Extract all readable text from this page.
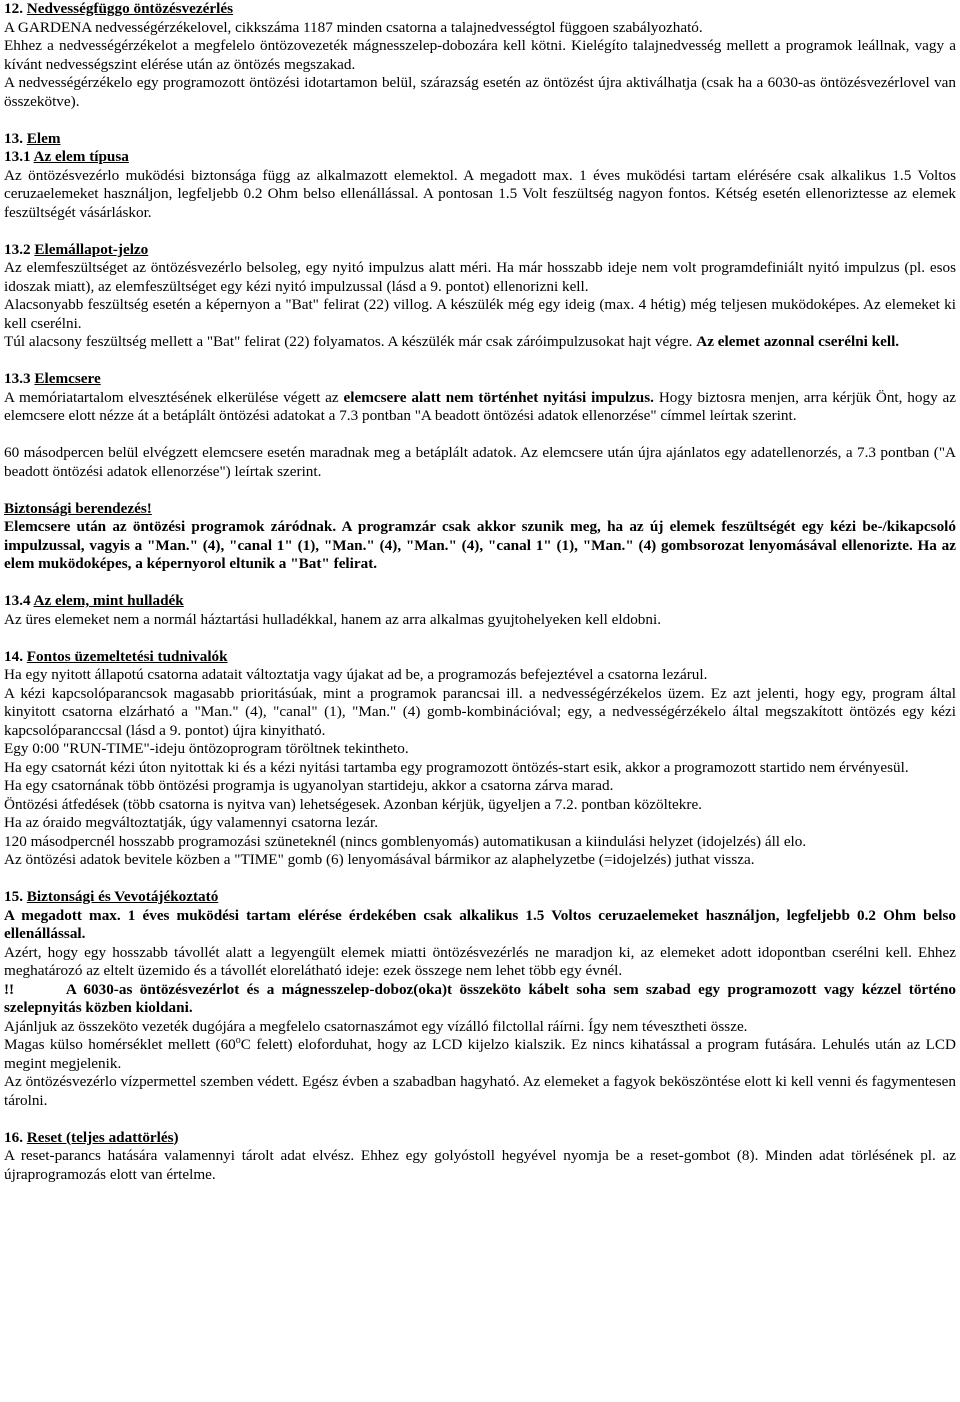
12. Nedvességfüggo öntözésvezérlés

A GARDENA nedvességérzékelovel, cikkszáma 1187 minden csatorna a talajnedvességtol függoen szabályozható.

Ehhez a nedvességérzékelot a megfelelo öntözovezeték mágnesszelep-dobozára kell kötni. Kielégíto talajnedvesség mellett a programok leállnak, vagy a kívánt nedvességszint elérése után az öntözés megszakad.

A nedvességérzékelo egy programozott öntözési idotartamon belül, szárazság esetén az öntözést újra aktiválhatja (csak ha a 6030-as öntözésvezérlovel van összekötve).

13. Elem

13.1 Az elem típusa

Az öntözésvezérlo muködési biztonsága függ az alkalmazott elemektol. A megadott max. 1 éves muködési tartam elérésére csak alkalikus 1.5 Voltos ceruzaelemeket használjon, legfeljebb 0.2 Ohm belso ellenállással. A pontosan 1.5 Volt feszültség nagyon fontos. Kétség esetén ellenoriztesse az elemek feszültségét vásárláskor.

13.2 Elemállapot-jelzo

Az elemfeszültséget az öntözésvezérlo belsoleg, egy nyitó impulzus alatt méri. Ha már hosszabb ideje nem volt programdefiniált nyitó impulzus (pl. esos idoszak miatt), az elemfeszültséget egy kézi nyitó impulzussal (lásd a 9. pontot) ellenorizni kell.

Alacsonyabb feszültség esetén a képernyon a "Bat" felirat (22) villog. A készülék még egy ideig (max. 4 hétig) még teljesen muködoképes. Az elemeket ki kell cserélni.

Túl alacsony feszültség mellett a "Bat" felirat (22) folyamatos. A készülék már csak záróimpulzusokat hajt végre. Az elemet azonnal cserélni kell.

13.3 Elemcsere

A memóriatartalom elvesztésének elkerülése végett az elemcsere alatt nem történhet nyitási impulzus. Hogy biztosra menjen, arra kérjük Önt, hogy az elemcsere elott nézze át a betáplált öntözési adatokat a 7.3 pontban "A beadott öntözési adatok ellenorzése" címmel leírtak szerint.

60 másodpercen belül elvégzett elemcsere esetén maradnak meg a betáplált adatok. Az elemcsere után újra ajánlatos egy adatellenorzés, a 7.3 pontban ("A beadott öntözési adatok ellenorzése") leírtak szerint.

Biztonsági berendezés!

Elemcsere után az öntözési programok záródnak. A programzár csak akkor szunik meg, ha az új elemek feszültségét egy kézi be-/kikapcsoló impulzussal, vagyis a "Man." (4), "canal 1" (1), "Man." (4), "Man." (4), "canal 1" (1), "Man." (4) gombsorozat lenyomásával ellenorizte. Ha az elem muködoképes, a képernyorol eltunik a "Bat" felirat.

13.4 Az elem, mint hulladék

Az üres elemeket nem a normál háztartási hulladékkal, hanem az arra alkalmas gyujtohelyeken kell eldobni.

14. Fontos üzemeltetési tudnivalók

Ha egy nyitott állapotú csatorna adatait változtatja vagy újakat ad be, a programozás befejeztével a csatorna lezárul.

A kézi kapcsolóparancsok magasabb prioritásúak, mint a programok parancsai ill. a nedvességérzékelos üzem. Ez azt jelenti, hogy egy, program által kinyitott csatorna elzárható a "Man." (4), "canal" (1), "Man." (4) gomb-kombinációval; egy, a nedvességérzékelo által megszakított öntözés egy kézi kapcsolóparanccsal (lásd a 9. pontot) újra kinyitható.

Egy 0:00 "RUN-TIME"-ideju öntözoprogram töröltnek tekintheto.

Ha egy csatornát kézi úton nyitottak ki és a kézi nyitási tartamba egy programozott öntözés-start esik, akkor a programozott startido nem érvényesül.

Ha egy csatornának több öntözési programja is ugyanolyan startideju, akkor a csatorna zárva marad.

Öntözési átfedések (több csatorna is nyitva van) lehetségesek. Azonban kérjük, ügyeljen a 7.2. pontban közöltekre.

Ha az óraido megváltoztatják, úgy valamennyi csatorna lezár.

120 másodpercnél hosszabb programozási szüneteknél (nincs gomblenyomás) automatikusan a kiindulási helyzet (idojelzés) áll elo.

Az öntözési adatok bevitele közben a "TIME" gomb (6) lenyomásával bármikor az alaphelyzetbe (=idojelzés) juthat vissza.

15. Biztonsági és Vevotájékoztató

A megadott max. 1 éves muködési tartam elérése érdekében csak alkalikus 1.5 Voltos ceruzaelemeket használjon, legfeljebb 0.2 Ohm belso ellenállással.

Azért, hogy egy hosszabb távollét alatt a legyengült elemek miatti öntözésvezérlés ne maradjon ki, az elemeket adott idopontban cserélni kell. Ehhez meghatározó az eltelt üzemido és a távollét elorelátható ideje: ezek összege nem lehet több egy évnél.

!!	A 6030-as öntözésvezérlot és a mágnesszelep-doboz(oka)t összeköto kábelt soha sem szabad egy programozott vagy kézzel történo szelepnyitás közben kioldani.

Ajánljuk az összeköto vezeték dugójára a megfelelo csatornaszámot egy vízálló filctollal ráírni. Így nem tévesztheti össze.

Magas külso homérséklet mellett (60$^o$C felett) eloforduhat, hogy az LCD kijelzo kialszik. Ez nincs kihatással a program futására. Lehulés után az LCD megint megjelenik.

Az öntözésvezérlo vízpermettel szemben védett. Egész évben a szabadban hagyható. Az elemeket a fagyok beköszöntése elott ki kell venni és fagymentesen tárolni.

16. Reset (teljes adattörlés)

A reset-parancs hatására valamennyi tárolt adat elvész. Ehhez egy golyóstoll hegyével nyomja be a reset-gombot (8). Minden adat törlésének pl. az újraprogramozás elott van értelme.
